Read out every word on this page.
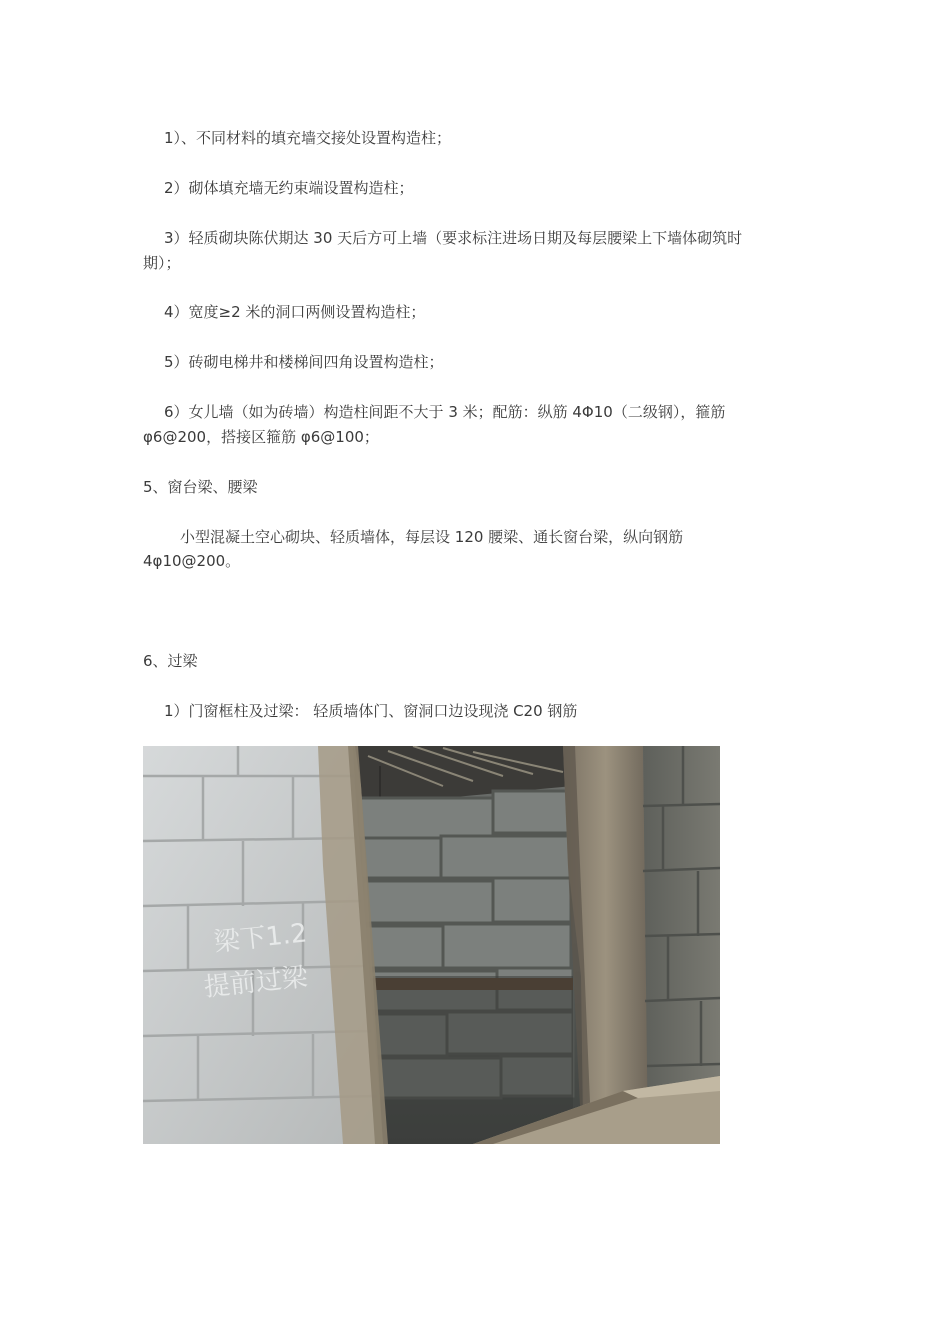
1）、不同材料的填充墙交接处设置构造柱；
2）砌体填充墙无约束端设置构造柱；
3）轻质砌块陈伏期达 30 天后方可上墙（要求标注进场日期及每层腰梁上下墙体砌筑时
期）；
4）宽度≥2 米的洞口两侧设置构造柱；
5）砖砌电梯井和楼梯间四角设置构造柱；
6）女儿墙（如为砖墙）构造柱间距不大于 3 米；配筋：纵筋 4Φ10（二级钢），箍筋
φ6@200，搭接区箍筋 φ6@100；
5、窗台梁、腰梁
小型混凝土空心砌块、轻质墙体，每层设 120 腰梁、通长窗台梁，纵向钢筋
4φ10@200。
6、过梁
1）门窗框柱及过梁： 轻质墙体门、窗洞口边设现浇 C20 钢筋
梁下1.2
提前过梁
